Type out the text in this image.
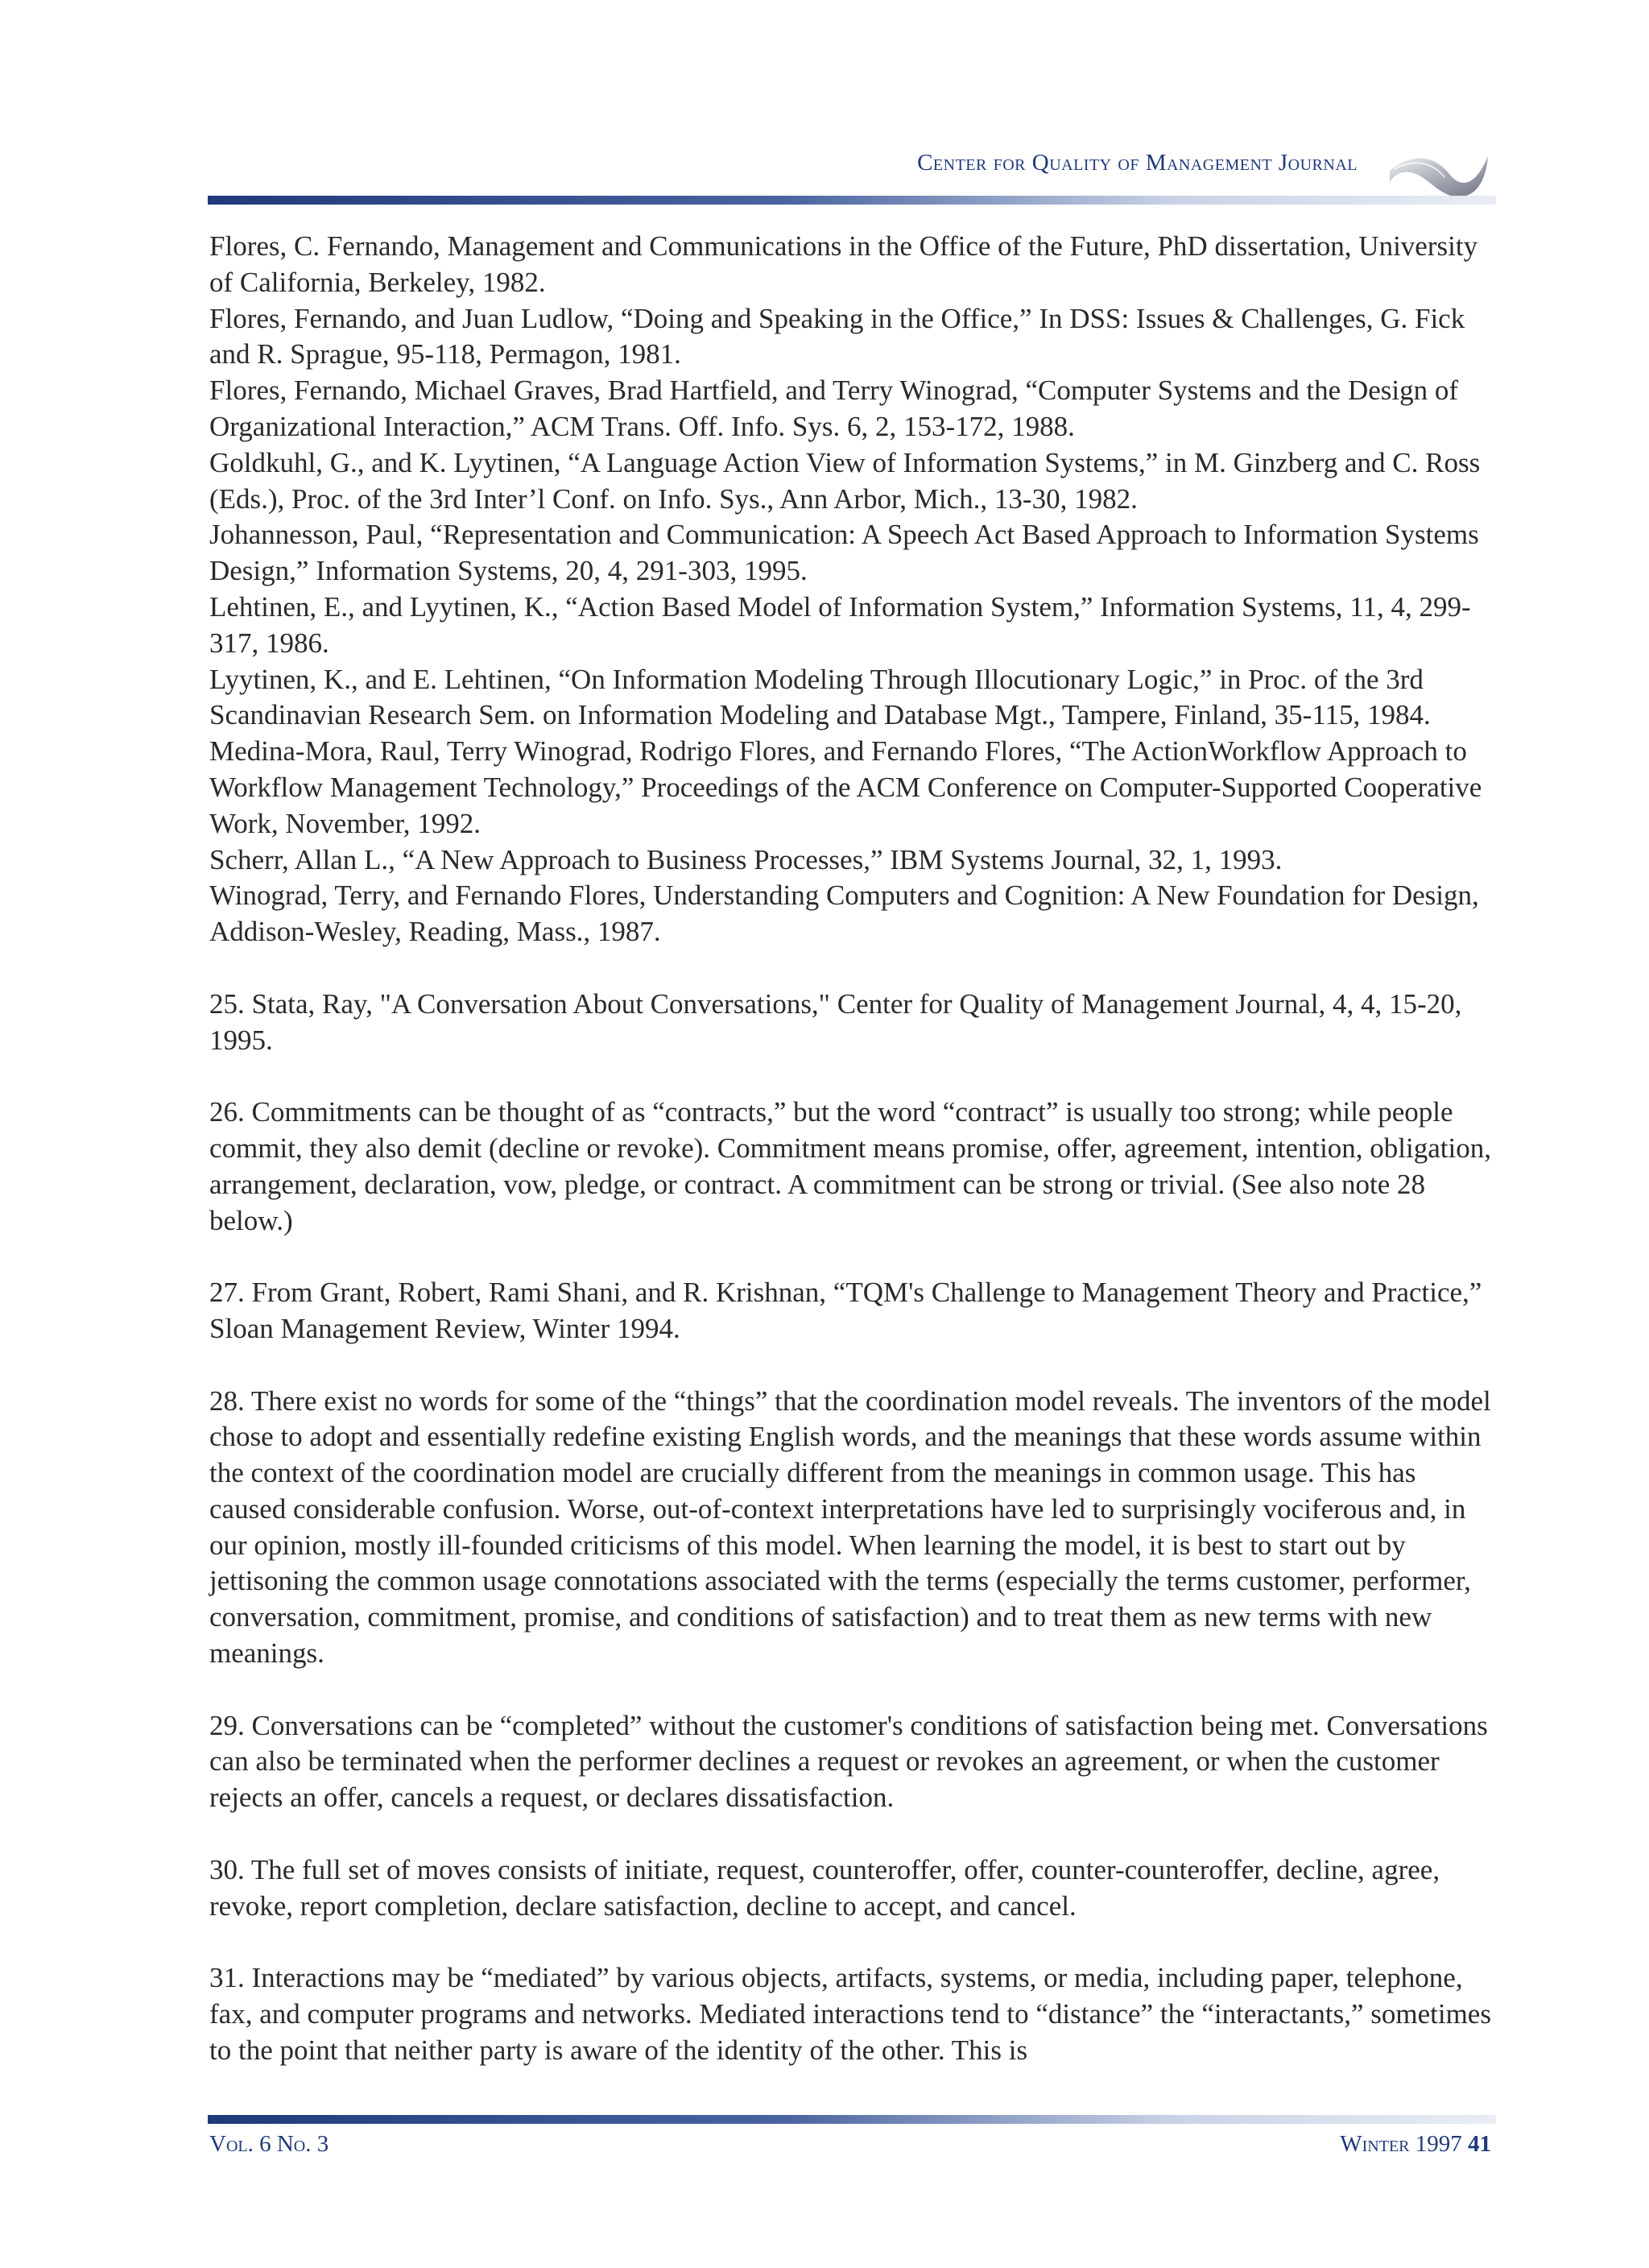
Center for Quality of Management Journal

Flores, C. Fernando, Management and Communications in the Office of the Future, PhD dissertation, University of California, Berkeley, 1982.

Flores, Fernando, and Juan Ludlow, “Doing and Speaking in the Office,” In DSS: Issues & Challenges, G. Fick and R. Sprague, 95-118, Permagon, 1981.

Flores, Fernando, Michael Graves, Brad Hartfield, and Terry Winograd, “Computer Systems and the Design of Organizational Interaction,” ACM Trans. Off. Info. Sys. 6, 2, 153-172, 1988.

Goldkuhl, G., and K. Lyytinen, “A Language Action View of Information Systems,” in M. Ginzberg and C. Ross (Eds.), Proc. of the 3rd Inter’l Conf. on Info. Sys., Ann Arbor, Mich., 13-30, 1982.

Johannesson, Paul, “Representation and Communication: A Speech Act Based Approach to Information Systems Design,” Information Systems, 20, 4, 291-303, 1995.

Lehtinen, E., and Lyytinen, K., “Action Based Model of Information System,” Information Systems, 11, 4, 299-317, 1986.

Lyytinen, K., and E. Lehtinen, “On Information Modeling Through Illocutionary Logic,” in Proc. of the 3rd Scandinavian Research Sem. on Information Modeling and Database Mgt., Tampere, Finland, 35-115, 1984.

Medina-Mora, Raul, Terry Winograd, Rodrigo Flores, and Fernando Flores, “The ActionWorkflow Approach to Workflow Management Technology,” Proceedings of the ACM Conference on Computer-Supported Cooperative Work, November, 1992.

Scherr, Allan L., “A New Approach to Business Processes,” IBM Systems Journal, 32, 1, 1993.

Winograd, Terry, and Fernando Flores, Understanding Computers and Cognition: A New Foundation for Design, Addison-Wesley, Reading, Mass., 1987.

25. Stata, Ray, "A Conversation About Conversations," Center for Quality of Management Journal, 4, 4, 15-20, 1995.

26. Commitments can be thought of as “contracts,” but the word “contract” is usually too strong; while people commit, they also demit (decline or revoke). Commitment means promise, offer, agreement, intention, obligation, arrangement, declaration, vow, pledge, or contract. A commitment can be strong or trivial. (See also note 28 below.)

27. From Grant, Robert, Rami Shani, and R. Krishnan, “TQM's Challenge to Management Theory and Practice,” Sloan Management Review, Winter 1994.

28. There exist no words for some of the “things” that the coordination model reveals. The inventors of the model chose to adopt and essentially redefine existing English words, and the meanings that these words assume within the context of the coordination model are crucially different from the meanings in common usage. This has caused considerable confusion. Worse, out-of-context interpretations have led to surprisingly vociferous and, in our opinion, mostly ill-founded criticisms of this model. When learning the model, it is best to start out by jettisoning the common usage connotations associated with the terms (especially the terms customer, performer, conversation, commitment, promise, and conditions of satisfaction) and to treat them as new terms with new meanings.

29. Conversations can be “completed” without the customer's conditions of satisfaction being met. Conversations can also be terminated when the performer declines a request or revokes an agreement, or when the customer rejects an offer, cancels a request, or declares dissatisfaction.

30. The full set of moves consists of initiate, request, counteroffer, offer, counter-counteroffer, decline, agree, revoke, report completion, declare satisfaction, decline to accept, and cancel.

31. Interactions may be “mediated” by various objects, artifacts, systems, or media, including paper, telephone, fax, and computer programs and networks. Mediated interactions tend to “distance” the “interactants,” sometimes to the point that neither party is aware of the identity of the other. This is

Vol. 6 No. 3	Winter 1997 41
